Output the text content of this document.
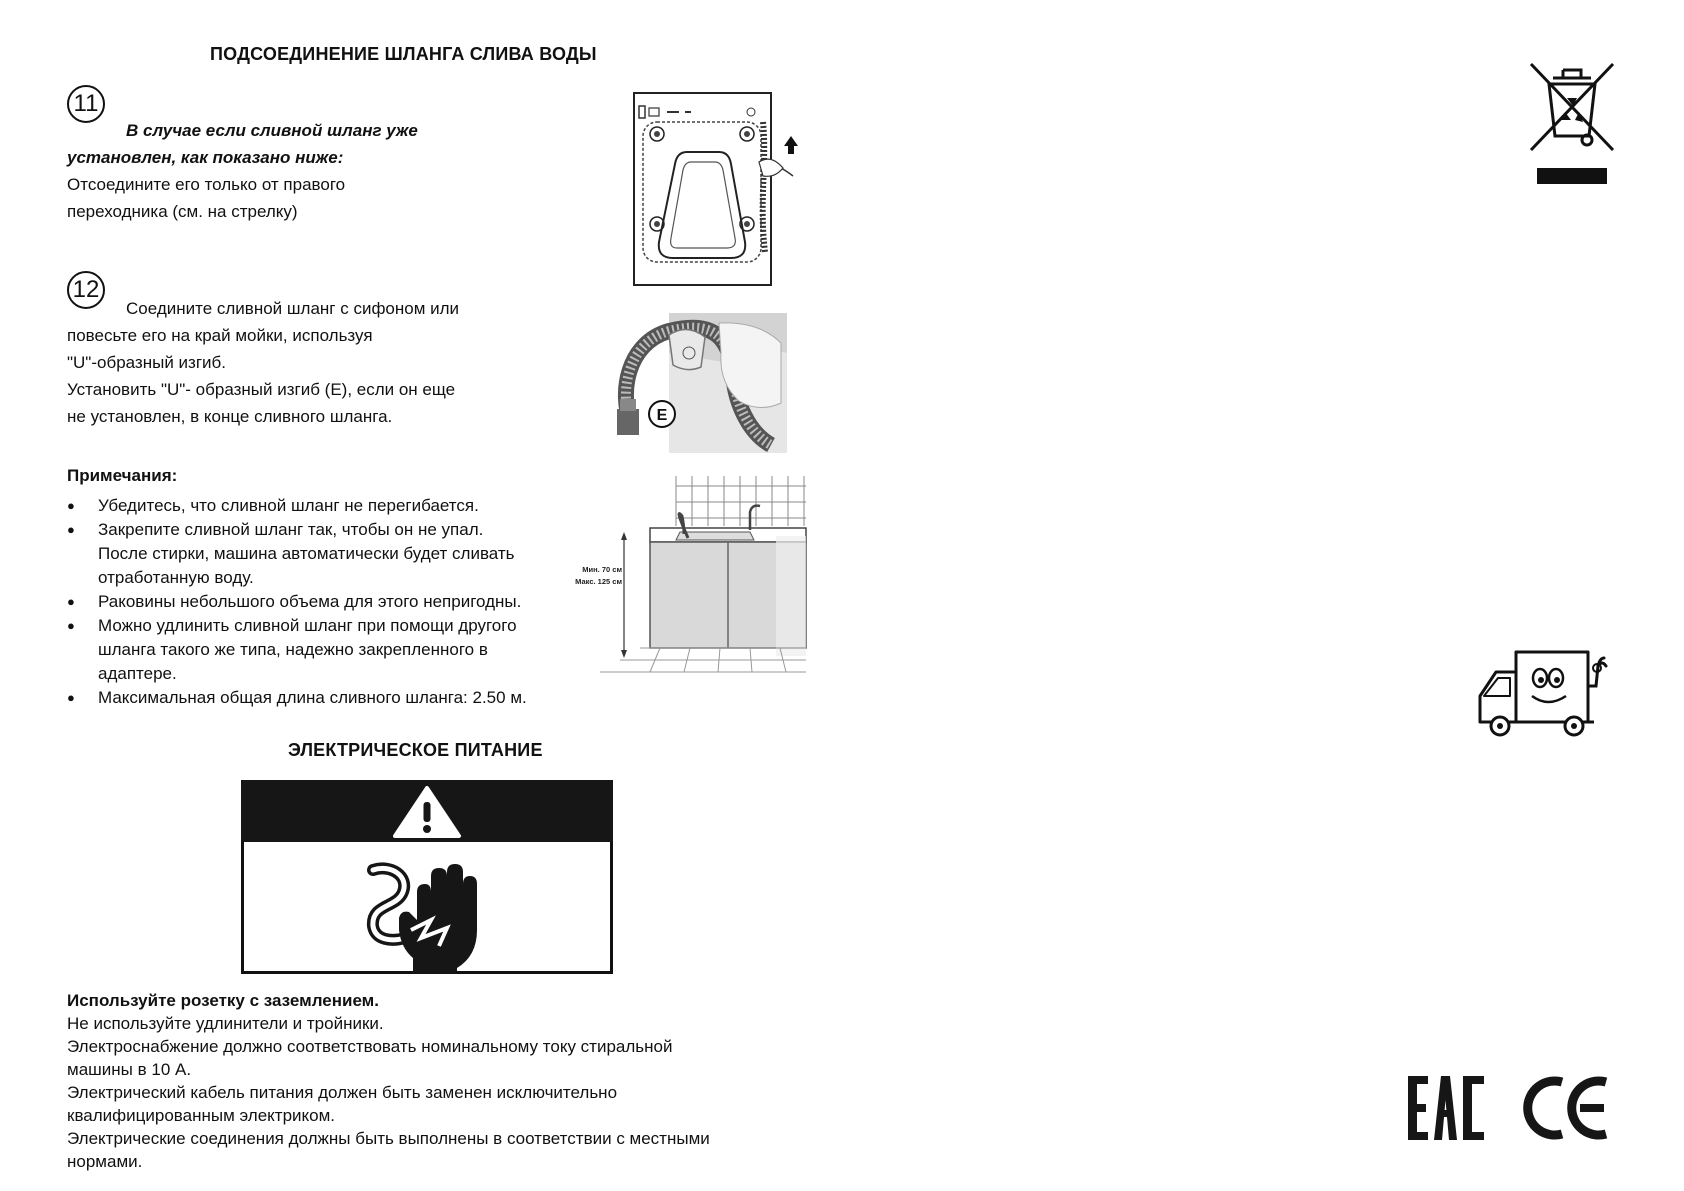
ПОДСОЕДИНЕНИЕ ШЛАНГА СЛИВА ВОДЫ
11
В случае если сливной шланг уже
установлен, как показано ниже:
Отсоедините его только от правого
переходника (см. на стрелку)
12
Соедините сливной шланг с сифоном или
повесьте его на край мойки, используя
"U"-образный изгиб.
Установить "U"- образный изгиб (E), если он еще
не установлен, в конце сливного шланга.
Примечания:
● Убедитесь, что сливной шланг не перегибается.
● Закрепите сливной шланг так, чтобы он не упал.
После стирки, машина автоматически будет сливать
отработанную воду.
● Раковины небольшого объема для этого непригодны.
● Можно удлинить сливной шланг при помощи другого
шланга такого же типа, надежно закрепленного в
адаптере.
● Максимальная общая длина сливного шланга: 2.50 м.
ЭЛЕКТРИЧЕСКОЕ ПИТАНИЕ
Используйте розетку с заземлением.
Не используйте удлинители и тройники.
Электроснабжение должно соответствовать номинальному току стиральной
машины в 10 А.
Электрический кабель питания должен быть заменен исключительно
квалифицированным электриком.
Электрические соединения должны быть выполнены в соответствии с местными
нормами.
E
Мин. 70 см
Макс. 125 см
